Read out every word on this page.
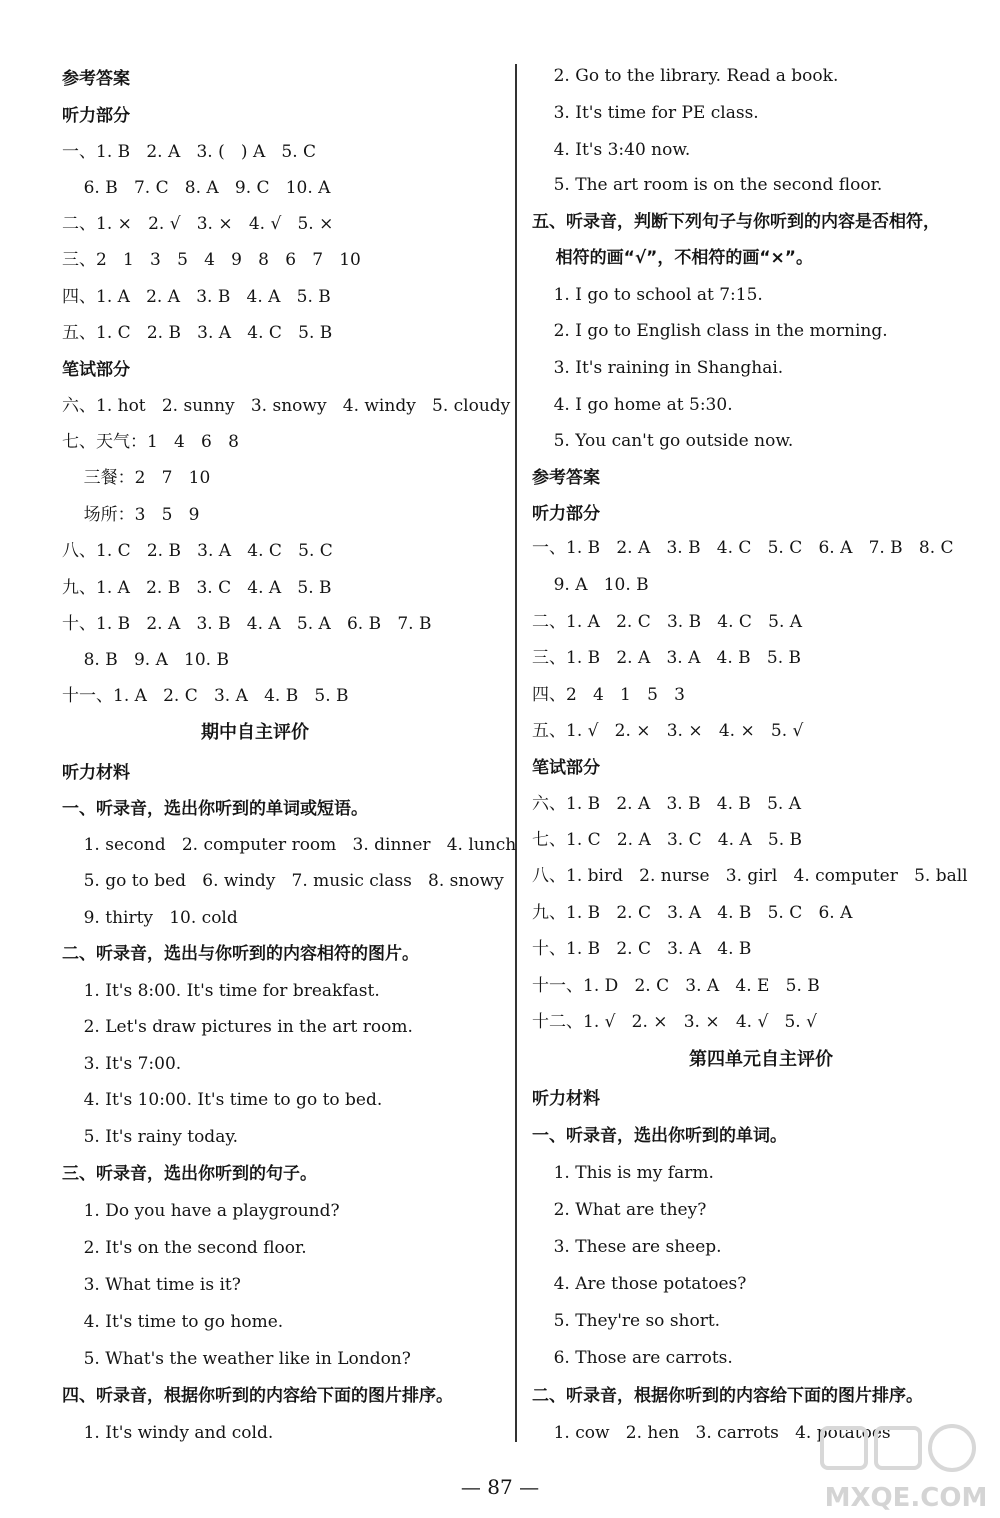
参考答案
听力部分
一、1. B   2. A   3. (   ) A   5. C
6. B   7. C   8. A   9. C   10. A
二、1. ×   2. √   3. ×   4. √   5. ×
三、2   1   3   5   4   9   8   6   7   10
四、1. A   2. A   3. B   4. A   5. B
五、1. C   2. B   3. A   4. C   5. B
笔试部分
六、1. hot   2. sunny   3. snowy   4. windy   5. cloudy
七、天气：1   4   6   8
三餐：2   7   10
场所：3   5   9
八、1. C   2. B   3. A   4. C   5. C
九、1. A   2. B   3. C   4. A   5. B
十、1. B   2. A   3. B   4. A   5. A   6. B   7. B
8. B   9. A   10. B
十一、1. A   2. C   3. A   4. B   5. B
期中自主评价
听力材料
一、听录音，选出你听到的单词或短语。
1. second   2. computer room   3. dinner   4. lunch
5. go to bed   6. windy   7. music class   8. snowy
9. thirty   10. cold
二、听录音，选出与你听到的内容相符的图片。
1. It's 8:00. It's time for breakfast.
2. Let's draw pictures in the art room.
3. It's 7:00.
4. It's 10:00. It's time to go to bed.
5. It's rainy today.
三、听录音，选出你听到的句子。
1. Do you have a playground?
2. It's on the second floor.
3. What time is it?
4. It's time to go home.
5. What's the weather like in London?
四、听录音，根据你听到的内容给下面的图片排序。
1. It's windy and cold.
2. Go to the library. Read a book.
3. It's time for PE class.
4. It's 3:40 now.
5. The art room is on the second floor.
五、听录音，判断下列句子与你听到的内容是否相符，
相符的画“√”，不相符的画“×”。
1. I go to school at 7:15.
2. I go to English class in the morning.
3. It's raining in Shanghai.
4. I go home at 5:30.
5. You can't go outside now.
参考答案
听力部分
一、1. B   2. A   3. B   4. C   5. C   6. A   7. B   8. C
9. A   10. B
二、1. A   2. C   3. B   4. C   5. A
三、1. B   2. A   3. A   4. B   5. B
四、2   4   1   5   3
五、1. √   2. ×   3. ×   4. ×   5. √
笔试部分
六、1. B   2. A   3. B   4. B   5. A
七、1. C   2. A   3. C   4. A   5. B
八、1. bird   2. nurse   3. girl   4. computer   5. ball
九、1. B   2. C   3. A   4. B   5. C   6. A
十、1. B   2. C   3. A   4. B
十一、1. D   2. C   3. A   4. E   5. B
十二、1. √   2. ×   3. ×   4. √   5. √
第四单元自主评价
听力材料
一、听录音，选出你听到的单词。
1. This is my farm.
2. What are they?
3. These are sheep.
4. Are those potatoes?
5. They're so short.
6. Those are carrots.
二、听录音，根据你听到的内容给下面的图片排序。
1. cow   2. hen   3. carrots   4. potatoes
— 87 —	MXQE.COM
